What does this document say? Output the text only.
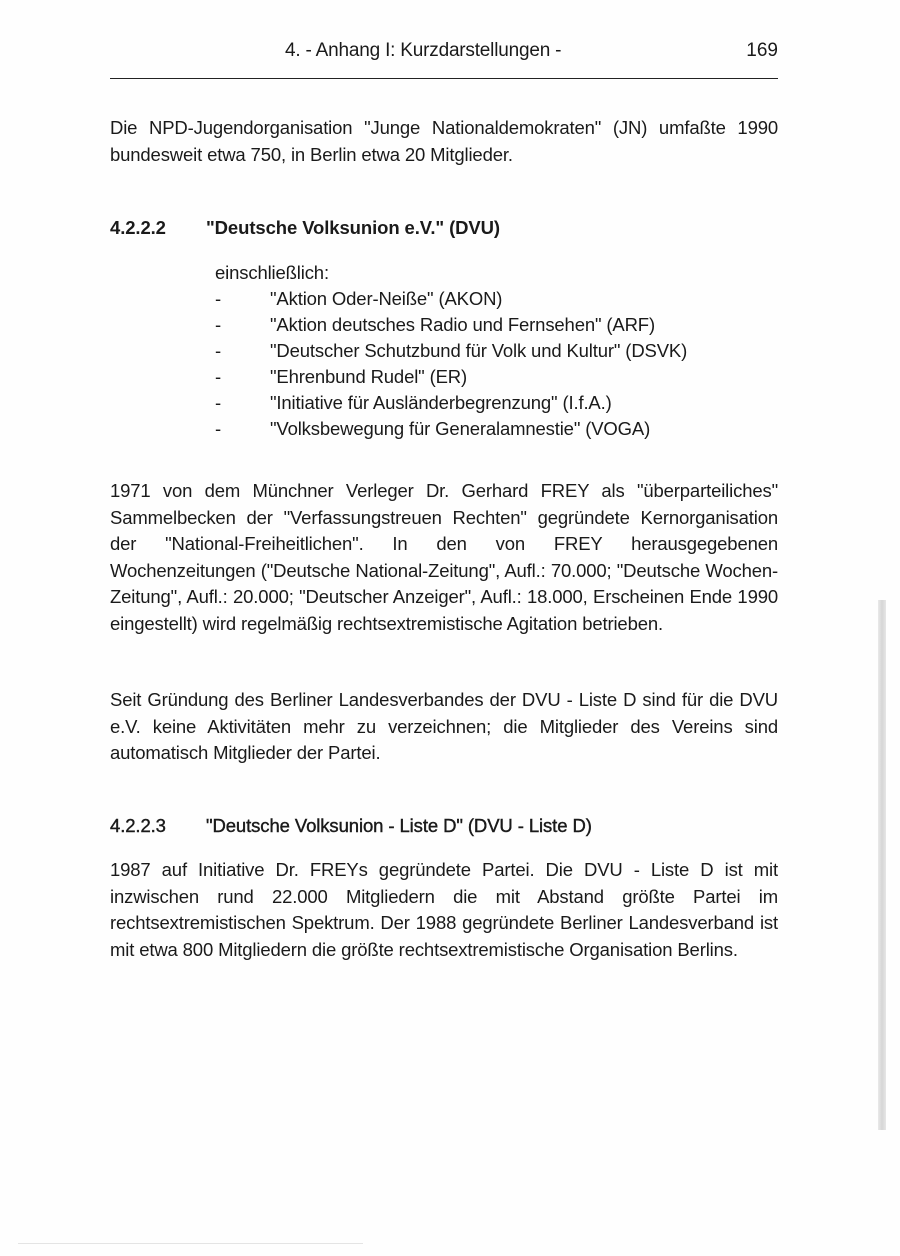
4. - Anhang I: Kurzdarstellungen -	169

Die NPD-Jugendorganisation "Junge Nationaldemokraten" (JN) umfaßte 1990 bundesweit etwa 750, in Berlin etwa 20 Mitglieder.

4.2.2.2 "Deutsche Volksunion e.V." (DVU)
einschließlich:
-	"Aktion Oder-Neiße" (AKON)
-	"Aktion deutsches Radio und Fernsehen" (ARF)
-	"Deutscher Schutzbund für Volk und Kultur" (DSVK)
-	"Ehrenbund Rudel" (ER)
-	"Initiative für Ausländerbegrenzung" (I.f.A.)
-	"Volksbewegung für Generalamnestie" (VOGA)

1971 von dem Münchner Verleger Dr. Gerhard FREY als "überparteiliches" Sammelbecken der "Verfassungstreuen Rechten" gegründete Kernorganisation der "National-Freiheitlichen". In den von FREY herausgegebenen Wochenzeitungen ("Deutsche National-Zeitung", Aufl.: 70.000; "Deutsche Wochen-Zeitung", Aufl.: 20.000; "Deutscher Anzeiger", Aufl.: 18.000, Erscheinen Ende 1990 eingestellt) wird regelmäßig rechtsextremistische Agitation betrieben.

Seit Gründung des Berliner Landesverbandes der DVU - Liste D sind für die DVU e.V. keine Aktivitäten mehr zu verzeichnen; die Mitglieder des Vereins sind automatisch Mitglieder der Partei.

4.2.2.3 "Deutsche Volksunion - Liste D" (DVU - Liste D)

1987 auf Initiative Dr. FREYs gegründete Partei. Die DVU - Liste D ist mit inzwischen rund 22.000 Mitgliedern die mit Abstand größte Partei im rechtsextremistischen Spektrum. Der 1988 gegründete Berliner Landesverband ist mit etwa 800 Mitgliedern die größte rechtsextremistische Organisation Berlins.
